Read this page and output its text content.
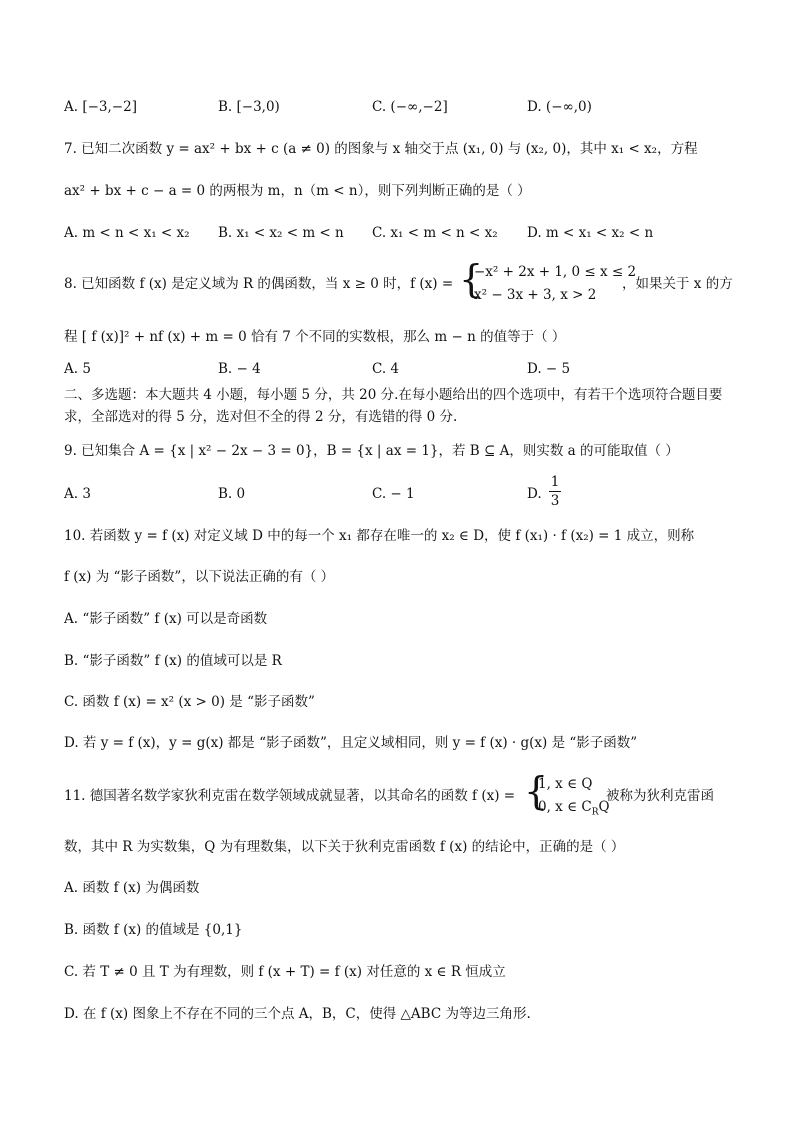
A. [−3,−2]	B. [−3,0)	C. (−∞,−2]	D. (−∞,0)
7. 已知二次函数 y = ax² + bx + c (a ≠ 0) 的图象与 x 轴交于点 (x₁, 0) 与 (x₂, 0)，其中 x₁ < x₂，方程
ax² + bx + c − a = 0 的两根为 m，n（m < n），则下列判断正确的是（ ）
A. m < n < x₁ < x₂ B. x₁ < x₂ < m < n C. x₁ < m < n < x₂ D. m < x₁ < x₂ < n
8. 已知函数 f (x) 是定义域为 R 的偶函数，当 x ≥ 0 时，f (x) = {
−x² + 2x + 1, 0 ≤ x ≤ 2
x² − 3x + 3, x > 2
，如果关于 x 的方
程 [ f (x)]² + nf (x) + m = 0 恰有 7 个不同的实数根，那么 m − n 的值等于（ ）
A. 5	B. − 4	C. 4	D. − 5
二、多选题：本大题共 4 小题，每小题 5 分，共 20 分.在每小题给出的四个选项中，有若干个选项符合题目要求，全部选对的得 5 分，选对但不全的得 2 分，有选错的得 0 分.
9. 已知集合 A = {x | x² − 2x − 3 = 0}，B = {x | ax = 1}，若 B ⊆ A，则实数 a 的可能取值（ ）
A. 3	B. 0	C. − 1	D.
1
3
10. 若函数 y = f (x) 对定义域 D 中的每一个 x₁ 都存在唯一的 x₂ ∈ D，使 f (x₁) · f (x₂) = 1 成立，则称
f (x) 为 “影子函数”，以下说法正确的有（ ）
A. “影子函数” f (x) 可以是奇函数
B. “影子函数” f (x) 的值域可以是 R
C. 函数 f (x) = x² (x > 0) 是 “影子函数”
D. 若 y = f (x)，y = g(x) 都是 “影子函数”，且定义域相同，则 y = f (x) · g(x) 是 “影子函数”
11. 德国著名数学家狄利克雷在数学领域成就显著，以其命名的函数 f (x) = {
1, x ∈ Q
0, x ∈ $C_RQ$
被称为狄利克雷函
数，其中 R 为实数集，Q 为有理数集，以下关于狄利克雷函数 f (x) 的结论中，正确的是（ ）
A. 函数 f (x) 为偶函数
B. 函数 f (x) 的值域是 {0,1}
C. 若 T ≠ 0 且 T 为有理数，则 f (x + T) = f (x) 对任意的 x ∈ R 恒成立
D. 在 f (x) 图象上不存在不同的三个点 A，B，C，使得 △ABC 为等边三角形.
